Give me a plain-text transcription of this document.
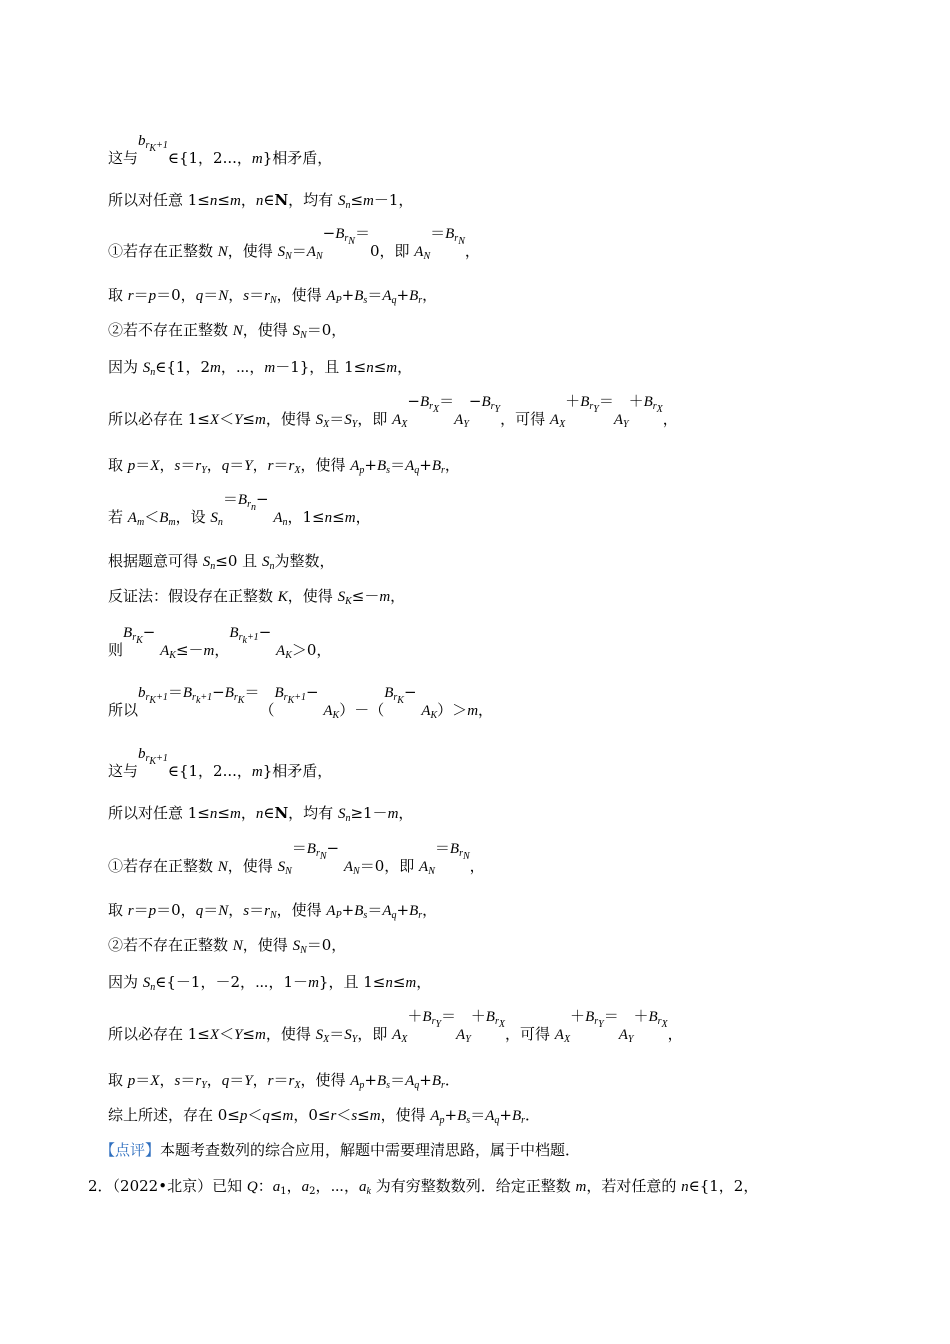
这与$b_{r_K+1}\in\{1$，2...，m}相矛盾，
所以对任意 1≤n≤m，n∈N，均有 $S_n\le m-1$，
①若存在正整数 N，使得 $S_N=A_N-B_{r_N}=0$，即 $A_N=B_{r_N}$，
取 r＝p＝0，q＝N，$s=r_N$，使得 $A_P+B_s=A_q+B_r$，
②若不存在正整数 N，使得 $S_N=0$，
因为 $S_n\in\{1$，2m，⋯，m－1}，且 1≤n≤m，
所以必存在 1≤X＜Y≤m，使得 $S_X=S_Y$，即 $A_X-B_{r_X}=A_Y-B_{r_Y}$，可得 $A_X+B_{r_Y}=A_Y+B_{r_X}$，
取 p＝X，$s=r_Y$，q＝Y，$r=r_X$，使得 $A_p+B_s=A_q+B_r$，
若 $A_m<B_m$，设 $S_n=B_{r_n}- A_n$，1≤n≤m，
根据题意可得 $S_n\le 0$ 且 $S_n$为整数，
反证法：假设存在正整数 K，使得 $S_K\le-m$，
则$B_{r_K}- A_K\le-m$，$B_{r_k+1}- A_K>0$，
所以$b_{r_K+1}=B_{r_k+1}-B_{r_K}=(B_{r_K+1}- A_K)-(B_{r_K}- A_K)>m$，
这与$b_{r_K+1}\in\{1$，2...，m}相矛盾，
所以对任意 1≤n≤m，n∈N，均有 $S_n\ge 1-m$，
①若存在正整数 N，使得 $S_N=B_{r_N}- A_N=0$，即 $A_N=B_{r_N}$，
取 r＝p＝0，q＝N，$s=r_N$，使得 $A_P+B_s=A_q+B_r$，
②若不存在正整数 N，使得 $S_N=0$，
因为 $S_n\in\{-1$，－2，⋯，1－m}，且 1≤n≤m，
所以必存在 1≤X＜Y≤m，使得 $S_X=S_Y$，即 $A_X+B_{r_Y}=A_Y+B_{r_X}$，可得 $A_X+B_{r_Y}=A_Y+B_{r_X}$，
取 p＝X，$s=r_Y$，q＝Y，$r=r_X$，使得 $A_p+B_s=A_q+B_r$．
综上所述，存在 0≤p＜q≤m，0≤r＜s≤m，使得 $A_p+B_s=A_q+B_r$．
【点评】本题考查数列的综合应用，解题中需要理清思路，属于中档题．
2．（2022•北京）已知 Q：$a_1$，$a_2$，⋯，$a_k$ 为有穷整数数列．给定正整数 m，若对任意的 n∈{1，2，
